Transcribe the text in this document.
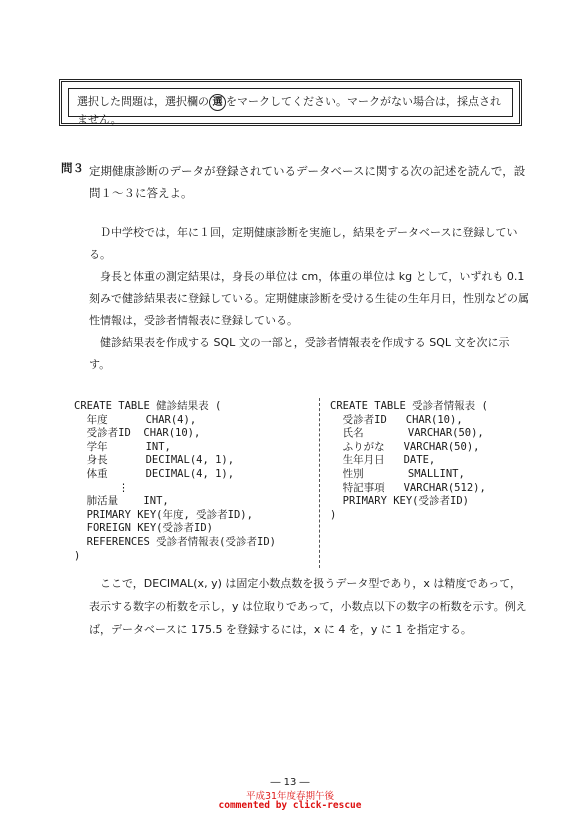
選択した問題は，選択欄の 選 をマークしてください。マークがない場合は，採点されません。
問３ 定期健康診断のデータが登録されているデータベースに関する次の記述を読んで，設問１～３に答えよ。
Ｄ中学校では，年に１回，定期健康診断を実施し，結果をデータベースに登録している。
身長と体重の測定結果は，身長の単位は cm，体重の単位は kg として，いずれも 0.1 刻みで健診結果表に登録している。定期健康診断を受ける生徒の生年月日，性別などの属性情報は，受診者情報表に登録している。
健診結果表を作成する SQL 文の一部と，受診者情報表を作成する SQL 文を次に示す。
CREATE TABLE 健診結果表 (
年度      CHAR(4),
受診者ID  CHAR(10),
学年      INT,
身長      DECIMAL(4, 1),
体重      DECIMAL(4, 1),
⋮
肺活量    INT,
PRIMARY KEY(年度, 受診者ID),
FOREIGN KEY(受診者ID)
REFERENCES 受診者情報表(受診者ID)
)
CREATE TABLE 受診者情報表 (
受診者ID   CHAR(10),
氏名       VARCHAR(50),
ふりがな   VARCHAR(50),
生年月日   DATE,
性別       SMALLINT,
特記事項   VARCHAR(512),
PRIMARY KEY(受診者ID)
)
ここで，DECIMAL(x, y) は固定小数点数を扱うデータ型であり，x は精度であって，表示する数字の桁数を示し，y は位取りであって，小数点以下の数字の桁数を示す。例えば，データベースに 175.5 を登録するには，x に 4 を，y に 1 を指定する。
― 13 ―
平成31年度春期午後
commented by click-rescue
